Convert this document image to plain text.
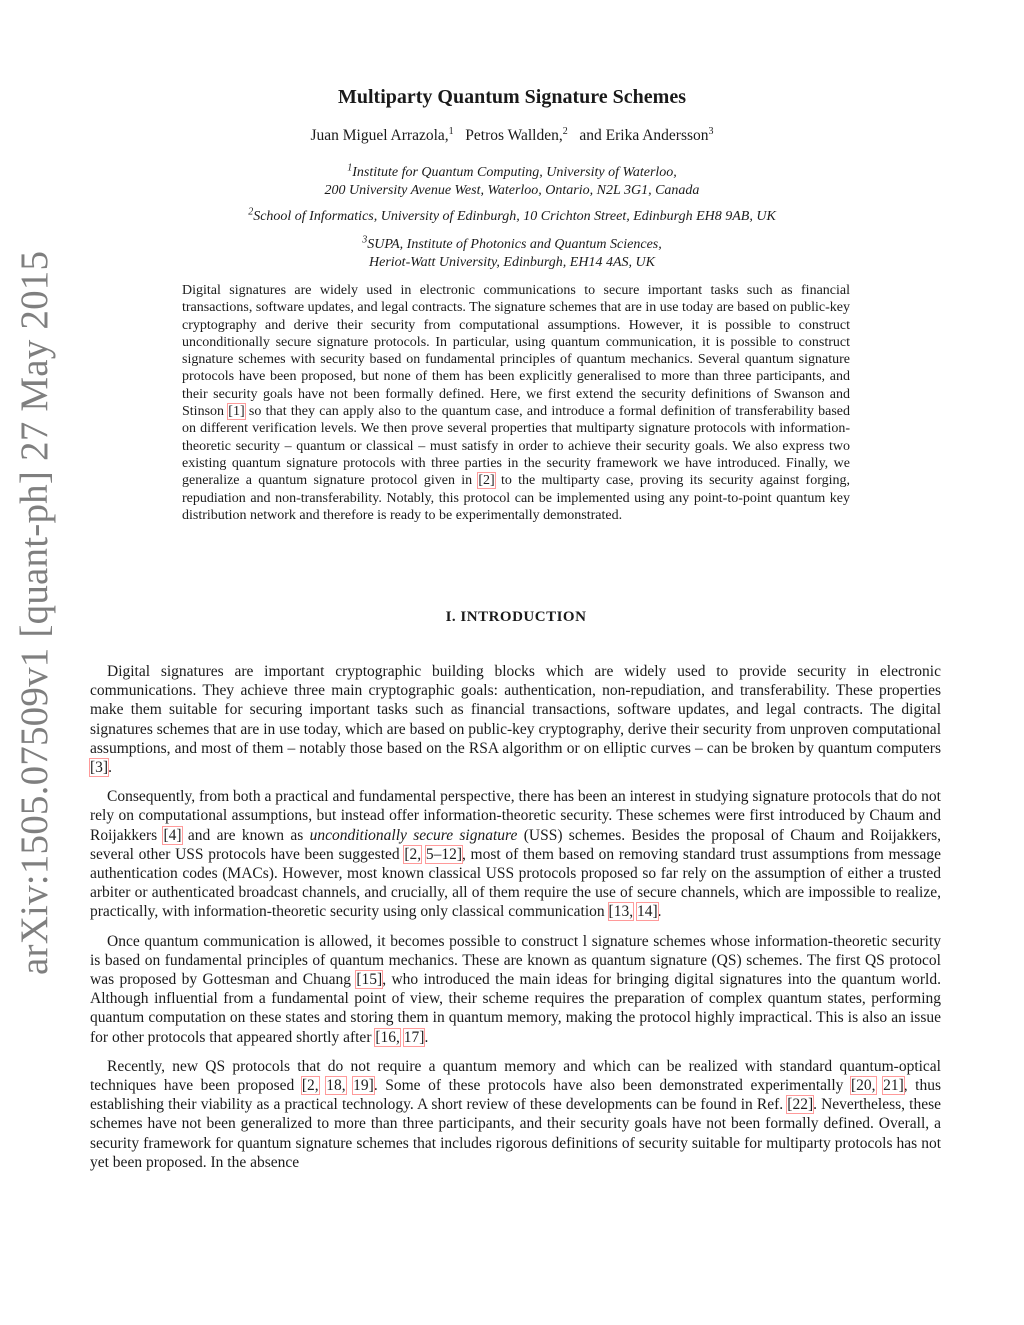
arXiv:1505.07509v1 [quant-ph] 27 May 2015
Multiparty Quantum Signature Schemes
Juan Miguel Arrazola,$^1$ Petros Wallden,$^2$ and Erika Andersson$^3$
$^1$Institute for Quantum Computing, University of Waterloo,
200 University Avenue West, Waterloo, Ontario, N2L 3G1, Canada
$^2$School of Informatics, University of Edinburgh, 10 Crichton Street, Edinburgh EH8 9AB, UK
$^3$SUPA, Institute of Photonics and Quantum Sciences,
Heriot-Watt University, Edinburgh, EH14 4AS, UK
Digital signatures are widely used in electronic communications to secure important tasks such as financial transactions, software updates, and legal contracts. The signature schemes that are in use today are based on public-key cryptography and derive their security from computational assumptions. However, it is possible to construct unconditionally secure signature protocols. In particular, using quantum communication, it is possible to construct signature schemes with security based on fundamental principles of quantum mechanics. Several quantum signature protocols have been proposed, but none of them has been explicitly generalised to more than three participants, and their security goals have not been formally defined. Here, we first extend the security definitions of Swanson and Stinson [1] so that they can apply also to the quantum case, and introduce a formal definition of transferability based on different verification levels. We then prove several properties that multiparty signature protocols with information-theoretic security – quantum or classical – must satisfy in order to achieve their security goals. We also express two existing quantum signature protocols with three parties in the security framework we have introduced. Finally, we generalize a quantum signature protocol given in [2] to the multiparty case, proving its security against forging, repudiation and non-transferability. Notably, this protocol can be implemented using any point-to-point quantum key distribution network and therefore is ready to be experimentally demonstrated.
I. INTRODUCTION

Digital signatures are important cryptographic building blocks which are widely used to provide security in electronic communications. They achieve three main cryptographic goals: authentication, non-repudiation, and transferability. These properties make them suitable for securing important tasks such as financial transactions, software updates, and legal contracts. The digital signatures schemes that are in use today, which are based on public-key cryptography, derive their security from unproven computational assumptions, and most of them – notably those based on the RSA algorithm or on elliptic curves – can be broken by quantum computers [3].

Consequently, from both a practical and fundamental perspective, there has been an interest in studying signature protocols that do not rely on computational assumptions, but instead offer information-theoretic security. These schemes were first introduced by Chaum and Roijakkers [4] and are known as unconditionally secure signature (USS) schemes. Besides the proposal of Chaum and Roijakkers, several other USS protocols have been suggested [2, 5–12], most of them based on removing standard trust assumptions from message authentication codes (MACs). However, most known classical USS protocols proposed so far rely on the assumption of either a trusted arbiter or authenticated broadcast channels, and crucially, all of them require the use of secure channels, which are impossible to realize, practically, with information-theoretic security using only classical communication [13, 14].

Once quantum communication is allowed, it becomes possible to construct l signature schemes whose information-theoretic security is based on fundamental principles of quantum mechanics. These are known as quantum signature (QS) schemes. The first QS protocol was proposed by Gottesman and Chuang [15], who introduced the main ideas for bringing digital signatures into the quantum world. Although influential from a fundamental point of view, their scheme requires the preparation of complex quantum states, performing quantum computation on these states and storing them in quantum memory, making the protocol highly impractical. This is also an issue for other protocols that appeared shortly after [16, 17].

Recently, new QS protocols that do not require a quantum memory and which can be realized with standard quantum-optical techniques have been proposed [2, 18, 19]. Some of these protocols have also been demonstrated experimentally [20, 21], thus establishing their viability as a practical technology. A short review of these developments can be found in Ref. [22]. Nevertheless, these schemes have not been generalized to more than three participants, and their security goals have not been formally defined. Overall, a security framework for quantum signature schemes that includes rigorous definitions of security suitable for multiparty protocols has not yet been proposed. In the absence
